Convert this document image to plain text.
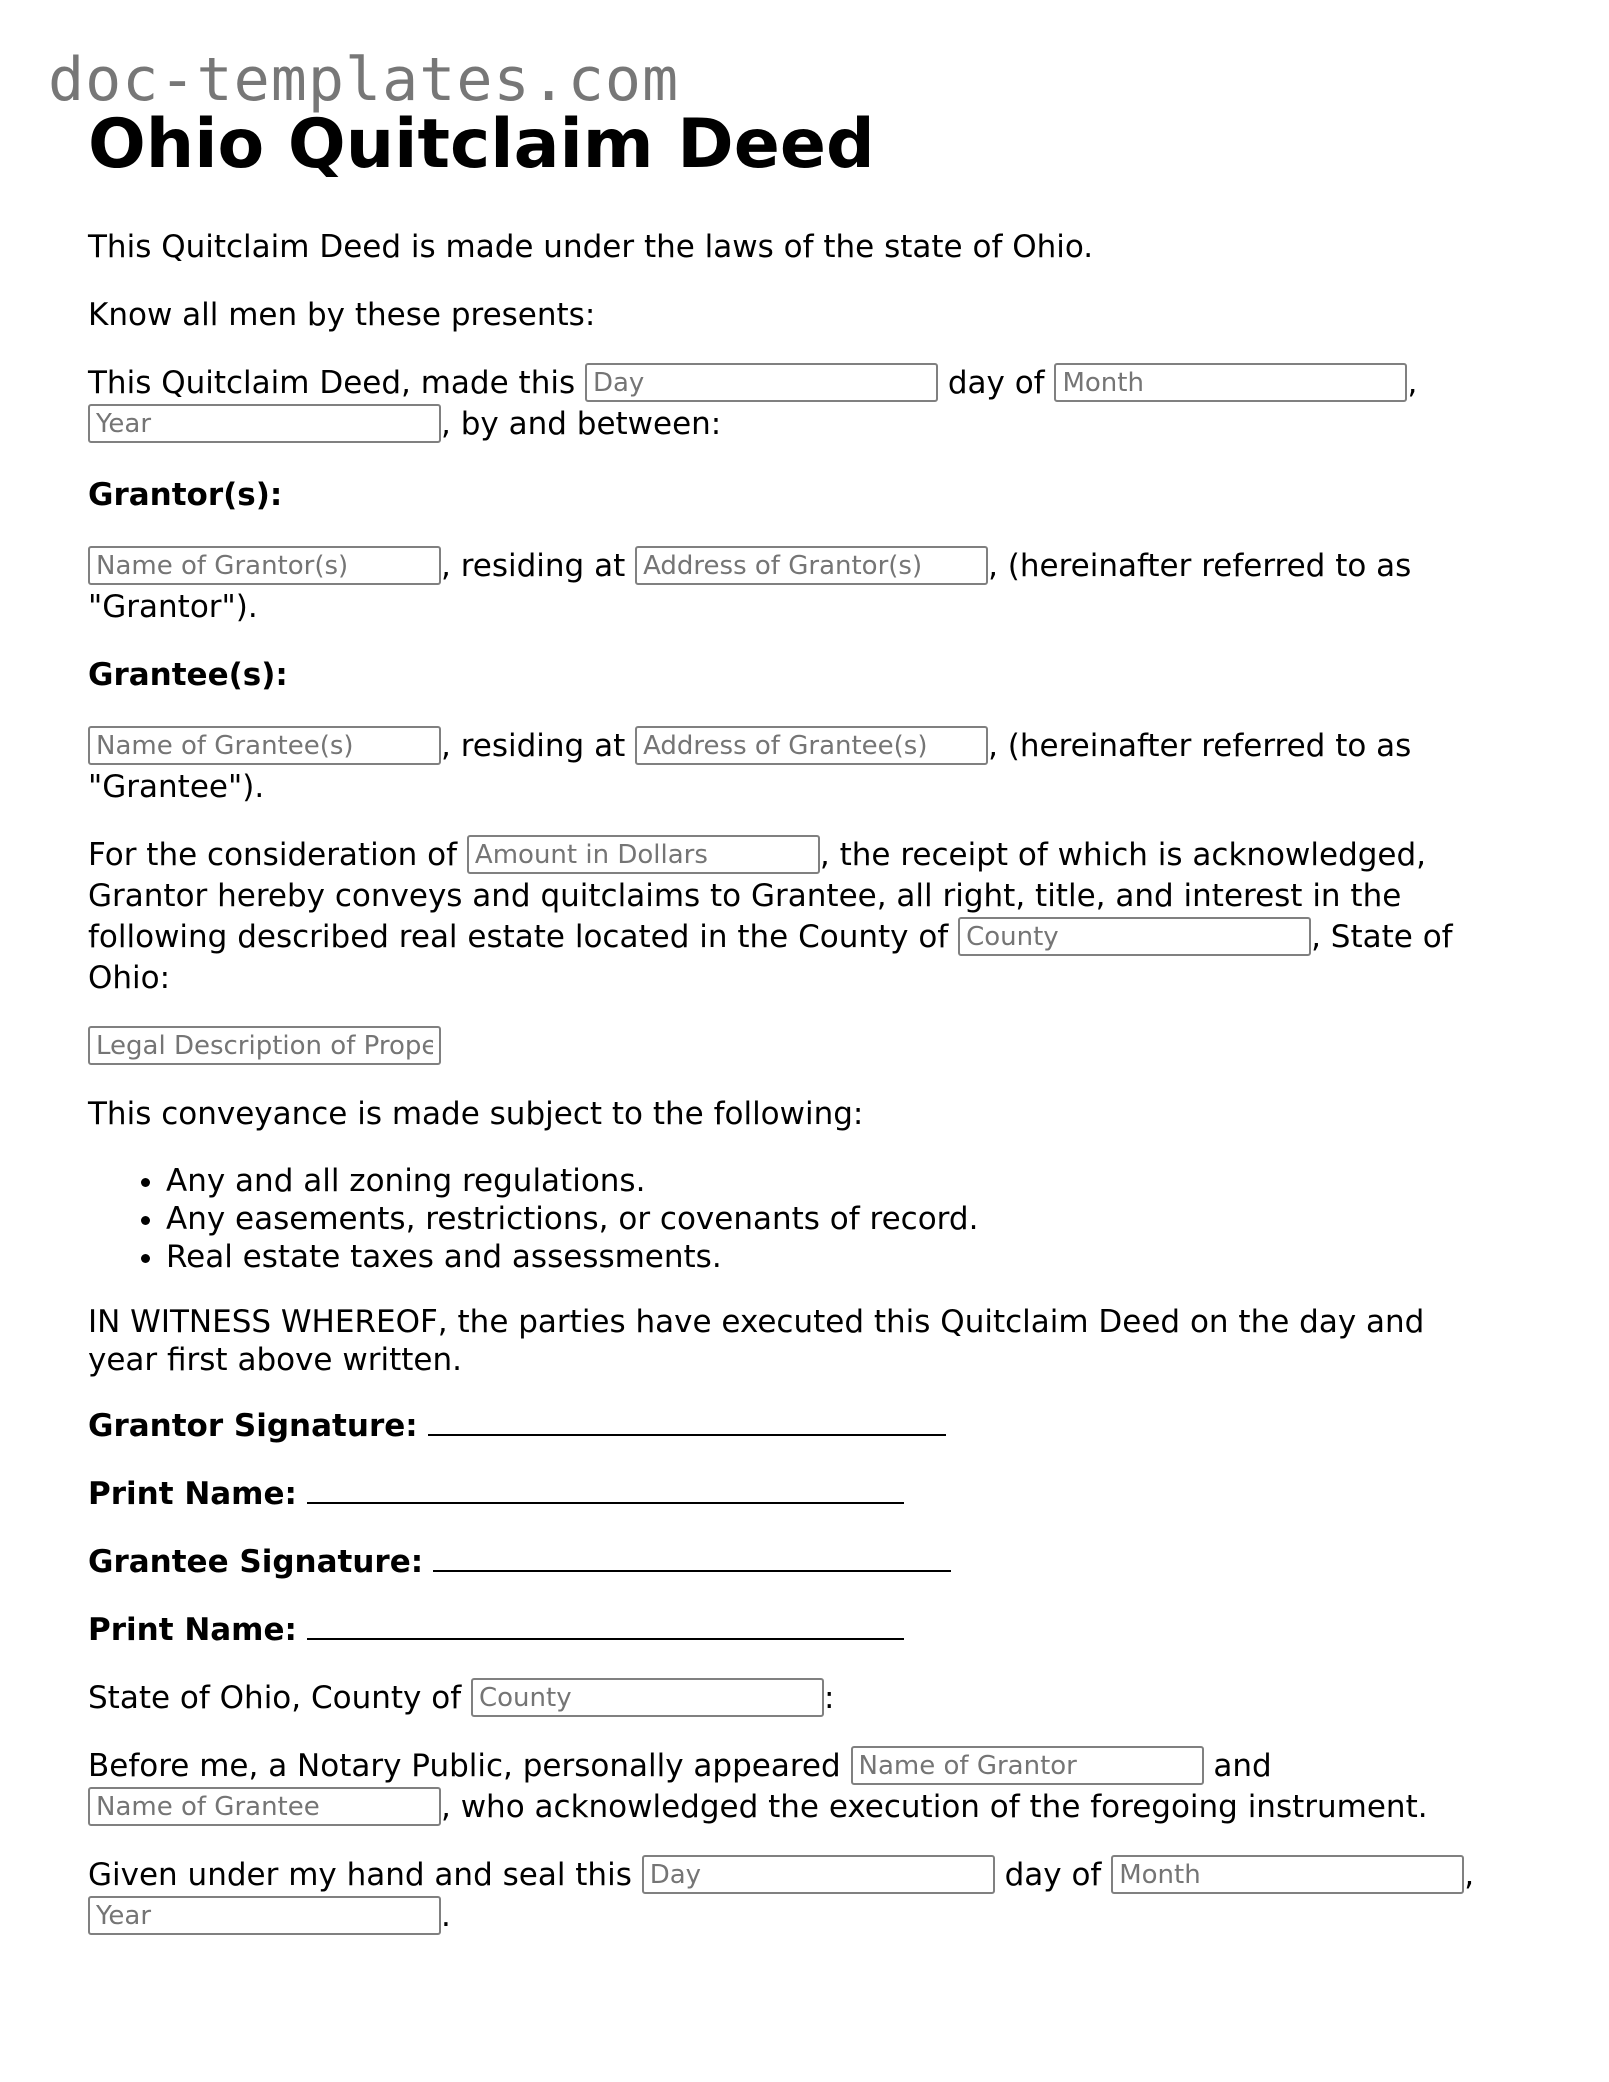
doc-templates.com
Ohio Quitclaim Deed

This Quitclaim Deed is made under the laws of the state of Ohio.

Know all men by these presents:

This Quitclaim Deed, made this Day	day of Month	,
Year, by and between:

Grantor(s):

Name of Grantor(s), residing at Address of Grantor(s)	, (hereinafter referred to as "Grantor").

Grantee(s):

Name of Grantee(s), residing at Address of Grantee(s)	, (hereinafter referred to as "Grantee").

For the consideration of Amount in Dollars	, the receipt of which is acknowledged, Grantor hereby conveys and quitclaims to Grantee, all right, title, and interest in the following described real estate located in the County of County	, State of Ohio:

Legal Description of Property

This conveyance is made subject to the following:

• Any and all zoning regulations.
• Any easements, restrictions, or covenants of record.
• Real estate taxes and assessments.

IN WITNESS WHEREOF, the parties have executed this Quitclaim Deed on the day and year first above written.

Grantor Signature:

Print Name:

Grantee Signature:

Print Name:

State of Ohio, County of County	:

Before me, a Notary Public, personally appeared Name of Grantor	and
Name of Grantee, who acknowledged the execution of the foregoing instrument.

Given under my hand and seal this Day	day of Month	,
Year.
